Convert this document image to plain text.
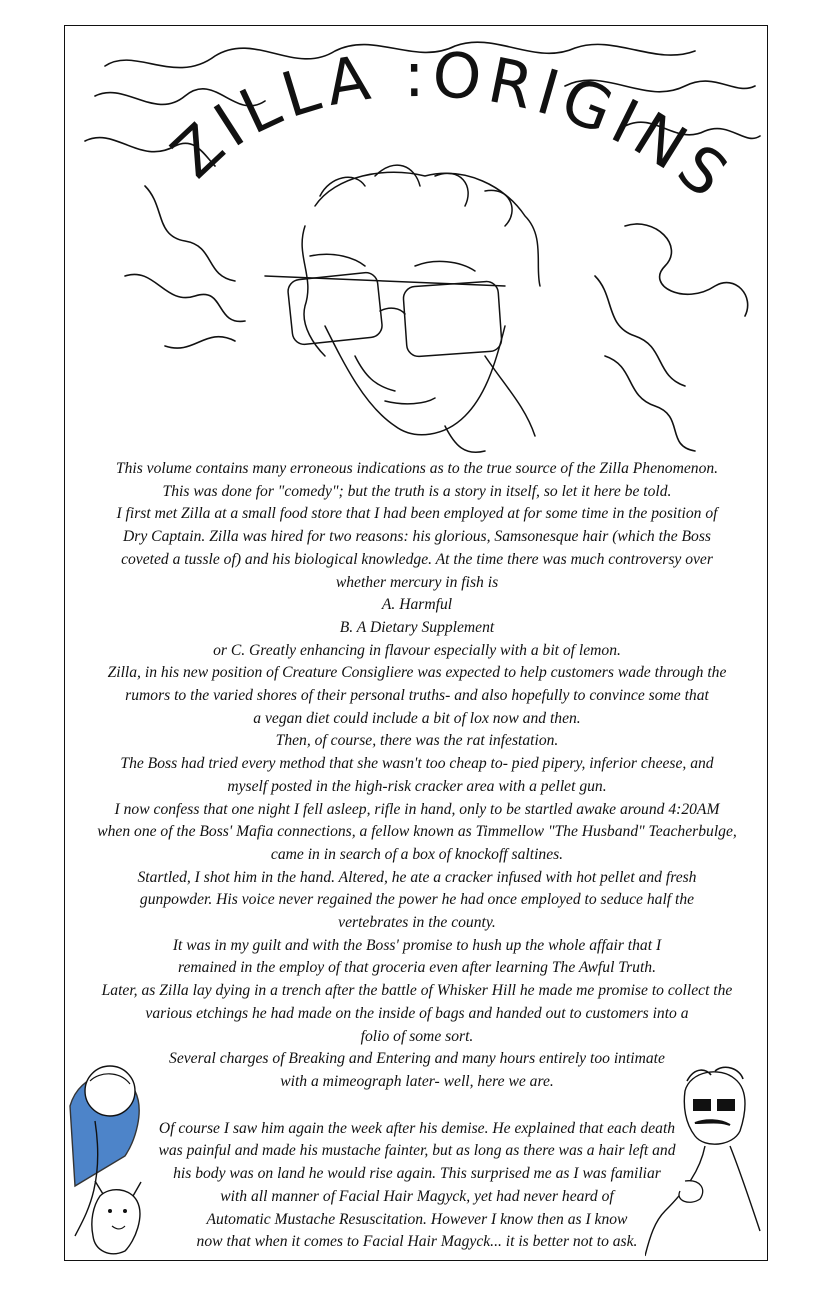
ZILLA :ORIGINS

This volume contains many erroneous indications as to the true source of the Zilla Phenomenon.

This was done for "comedy"; but the truth is a story in itself, so let it here be told.

I first met Zilla at a small food store that I had been employed at for some time in the position of

Dry Captain. Zilla was hired for two reasons: his glorious, Samsonesque hair (which the Boss

coveted a tussle of) and his biological knowledge. At the time there was much controversy over

whether mercury in fish is

A. Harmful

B. A Dietary Supplement

or C. Greatly enhancing in flavour especially with a bit of lemon.

Zilla, in his new position of Creature Consigliere was expected to help customers wade through the

rumors to the varied shores of their personal truths- and also hopefully to convince some that

a vegan diet could include a bit of lox now and then.

Then, of course, there was the rat infestation.

The Boss had tried every method that she wasn't too cheap to- pied pipery, inferior cheese, and

myself posted in the high-risk cracker area with a pellet gun.

I now confess that one night I fell asleep, rifle in hand, only to be startled awake around 4:20AM

when one of the Boss' Mafia connections, a fellow known as Timmellow "The Husband" Teacherbulge,

came in in search of a box of knockoff saltines.

Startled, I shot him in the hand. Altered, he ate a cracker infused with hot pellet and fresh

gunpowder. His voice never regained the power he had once employed to seduce half the

vertebrates in the county.

It was in my guilt and with the Boss' promise to hush up the whole affair that I

remained in the employ of that groceria even after learning The Awful Truth.

Later, as Zilla lay dying in a trench after the battle of Whisker Hill he made me promise to collect the

various etchings he had made on the inside of bags and handed out to customers into a

folio of some sort.

Several charges of Breaking and Entering and many hours entirely too intimate

with a mimeograph later- well, here we are.

Of course I saw him again the week after his demise. He explained that each death

was painful and made his mustache fainter, but as long as there was a hair left and

his body was on land he would rise again. This surprised me as I was familiar

with all manner of Facial Hair Magyck, yet had never heard of

Automatic Mustache Resuscitation. However I know then as I know

now that when it comes to Facial Hair Magyck... it is better not to ask.
